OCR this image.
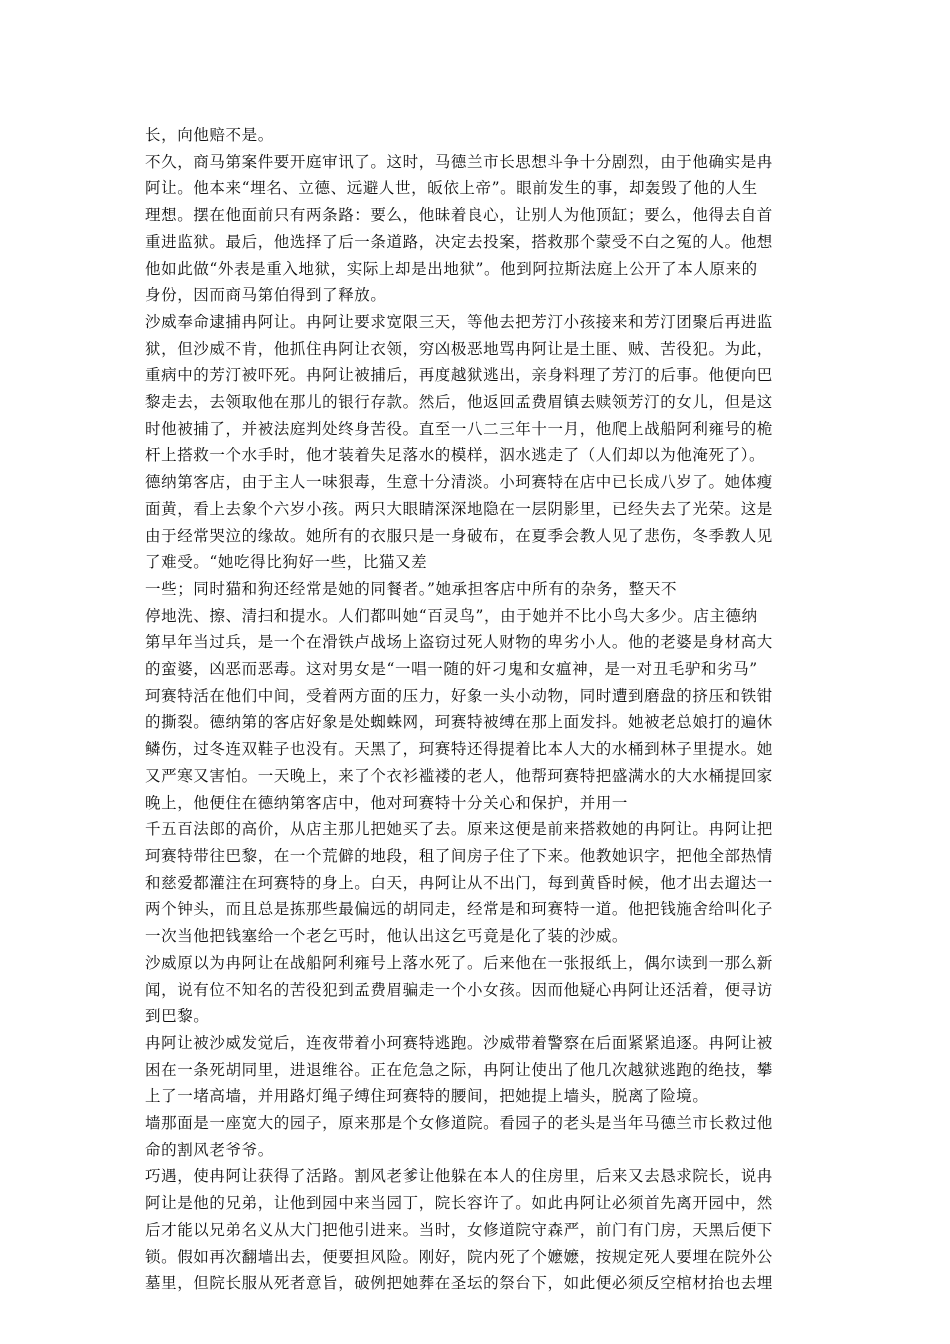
长，向他赔不是。
不久，商马第案件要开庭审讯了。这时，马德兰市长思想斗争十分剧烈，由于他确实是冉
阿让。他本来“埋名、立德、远避人世，皈依上帝”。眼前发生的事，却轰毁了他的人生
理想。摆在他面前只有两条路：要么，他昧着良心，让别人为他顶缸；要么，他得去自首
重进监狱。最后，他选择了后一条道路，决定去投案，搭救那个蒙受不白之冤的人。他想
他如此做“外表是重入地狱，实际上却是出地狱”。他到阿拉斯法庭上公开了本人原来的
身份，因而商马第伯得到了释放。
沙威奉命逮捕冉阿让。冉阿让要求宽限三天，等他去把芳汀小孩接来和芳汀团聚后再进监
狱，但沙威不肯，他抓住冉阿让衣领，穷凶极恶地骂冉阿让是土匪、贼、苦役犯。为此，
重病中的芳汀被吓死。冉阿让被捕后，再度越狱逃出，亲身料理了芳汀的后事。他便向巴
黎走去，去领取他在那儿的银行存款。然后，他返回孟费眉镇去赎领芳汀的女儿，但是这
时他被捕了，并被法庭判处终身苦役。直至一八二三年十一月，他爬上战船阿利雍号的桅
杆上搭救一个水手时，他才装着失足落水的模样，泅水逃走了（人们却以为他淹死了）。
德纳第客店，由于主人一味狠毒，生意十分清淡。小珂赛特在店中已长成八岁了。她体瘦
面黄，看上去象个六岁小孩。两只大眼睛深深地隐在一层阴影里，已经失去了光荣。这是
由于经常哭泣的缘故。她所有的衣服只是一身破布，在夏季会教人见了悲伤，冬季教人见
了难受。“她吃得比狗好一些，比猫又差
一些；同时猫和狗还经常是她的同餐者。”她承担客店中所有的杂务，整天不
停地洗、擦、清扫和提水。人们都叫她“百灵鸟”，由于她并不比小鸟大多少。店主德纳
第早年当过兵，是一个在滑铁卢战场上盗窃过死人财物的卑劣小人。他的老婆是身材高大
的蛮婆，凶恶而恶毒。这对男女是“一唱一随的奸刁鬼和女瘟神，是一对丑毛驴和劣马”
珂赛特活在他们中间，受着两方面的压力，好象一头小动物，同时遭到磨盘的挤压和铁钳
的撕裂。德纳第的客店好象是处蜘蛛网，珂赛特被缚在那上面发抖。她被老总娘打的遍休
鳞伤，过冬连双鞋子也没有。天黑了，珂赛特还得提着比本人大的水桶到林子里提水。她
又严寒又害怕。一天晚上，来了个衣衫褴褛的老人，他帮珂赛特把盛满水的大水桶提回家
晚上，他便住在德纳第客店中，他对珂赛特十分关心和保护，并用一
千五百法郎的高价，从店主那儿把她买了去。原来这便是前来搭救她的冉阿让。冉阿让把
珂赛特带往巴黎，在一个荒僻的地段，租了间房子住了下来。他教她识字，把他全部热情
和慈爱都灌注在珂赛特的身上。白天，冉阿让从不出门，每到黄昏时候，他才出去遛达一
两个钟头，而且总是拣那些最偏远的胡同走，经常是和珂赛特一道。他把钱施舍给叫化子
一次当他把钱塞给一个老乞丐时，他认出这乞丐竟是化了装的沙威。
沙威原以为冉阿让在战船阿利雍号上落水死了。后来他在一张报纸上，偶尔读到一那么新
闻，说有位不知名的苦役犯到孟费眉骗走一个小女孩。因而他疑心冉阿让还活着，便寻访
到巴黎。
冉阿让被沙威发觉后，连夜带着小珂赛特逃跑。沙威带着警察在后面紧紧追逐。冉阿让被
困在一条死胡同里，进退维谷。正在危急之际，冉阿让使出了他几次越狱逃跑的绝技，攀
上了一堵高墙，并用路灯绳子缚住珂赛特的腰间，把她提上墙头，脱离了险境。
墙那面是一座宽大的园子，原来那是个女修道院。看园子的老头是当年马德兰市长救过他
命的割风老爷爷。
巧遇，使冉阿让获得了活路。割风老爹让他躲在本人的住房里，后来又去恳求院长，说冉
阿让是他的兄弟，让他到园中来当园丁，院长容许了。如此冉阿让必须首先离开园中，然
后才能以兄弟名义从大门把他引进来。当时，女修道院守森严，前门有门房，天黑后便下
锁。假如再次翻墙出去，便要担风险。刚好，院内死了个嬷嬷，按规定死人要埋在院外公
墓里，但院长服从死者意旨，破例把她葬在圣坛的祭台下，如此便必须反空棺材抬也去埋
